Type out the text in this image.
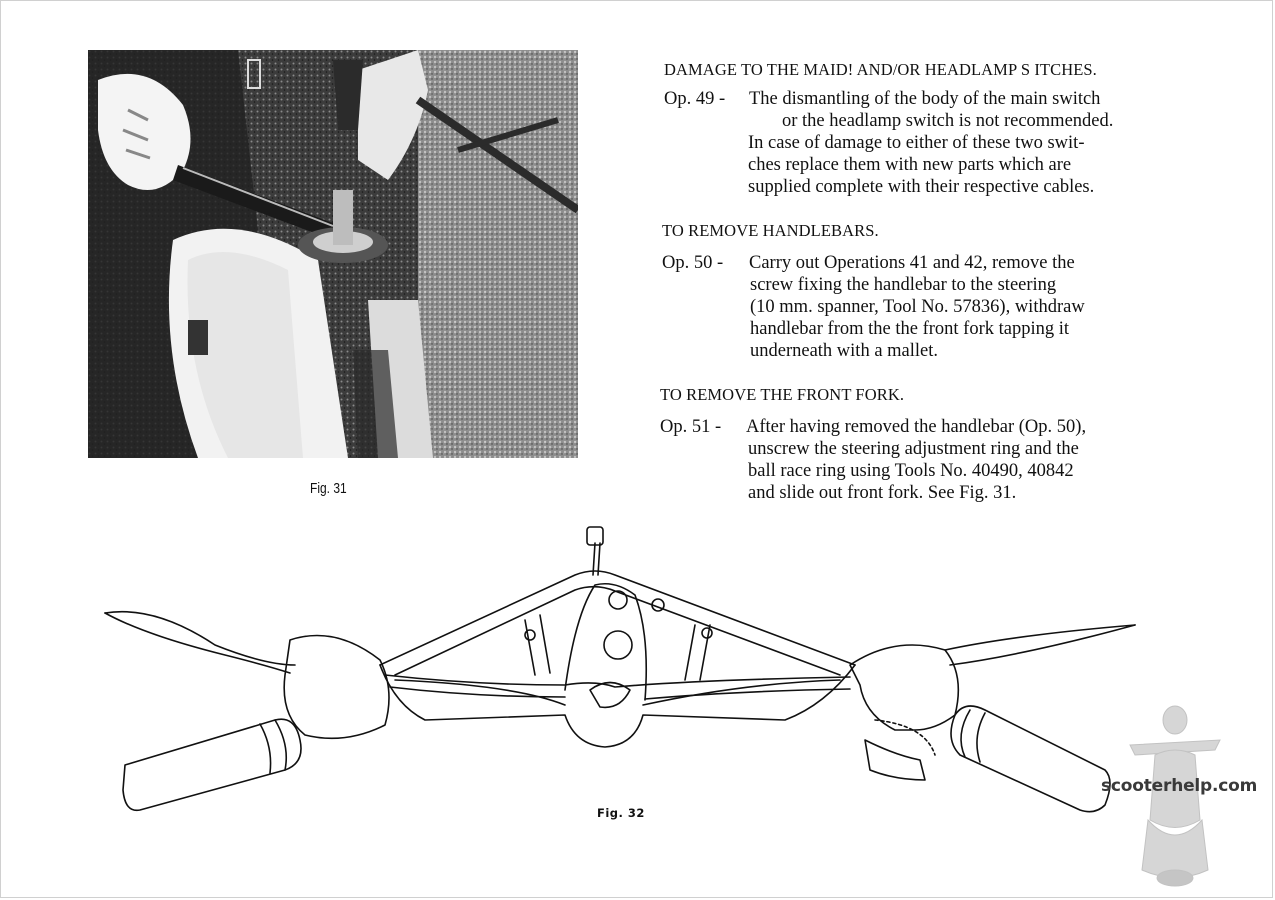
Fig. 31
DAMAGE TO THE MAID! AND/OR HEADLAMP S ITCHES.
Op. 49 - The dismantling of the body of the main switch
or the headlamp switch is not recommended.
In case of damage to either of these two swit-
ches replace them with new parts which are
supplied complete with their respective cables.
TO REMOVE HANDLEBARS.
Op. 50 - Carry out Operations 41 and 42, remove the
screw fixing the handlebar to the steering
(10 mm. spanner, Tool No. 57836), withdraw
handlebar from the the front fork tapping it
underneath with a mallet.
TO REMOVE THE FRONT FORK.
Op. 51 - After having removed the handlebar (Op. 50),
unscrew the steering adjustment ring and the
ball race ring using Tools No. 40490, 40842
and slide out front fork. See Fig. 31.
Fig. 32
scooterhelp.com
